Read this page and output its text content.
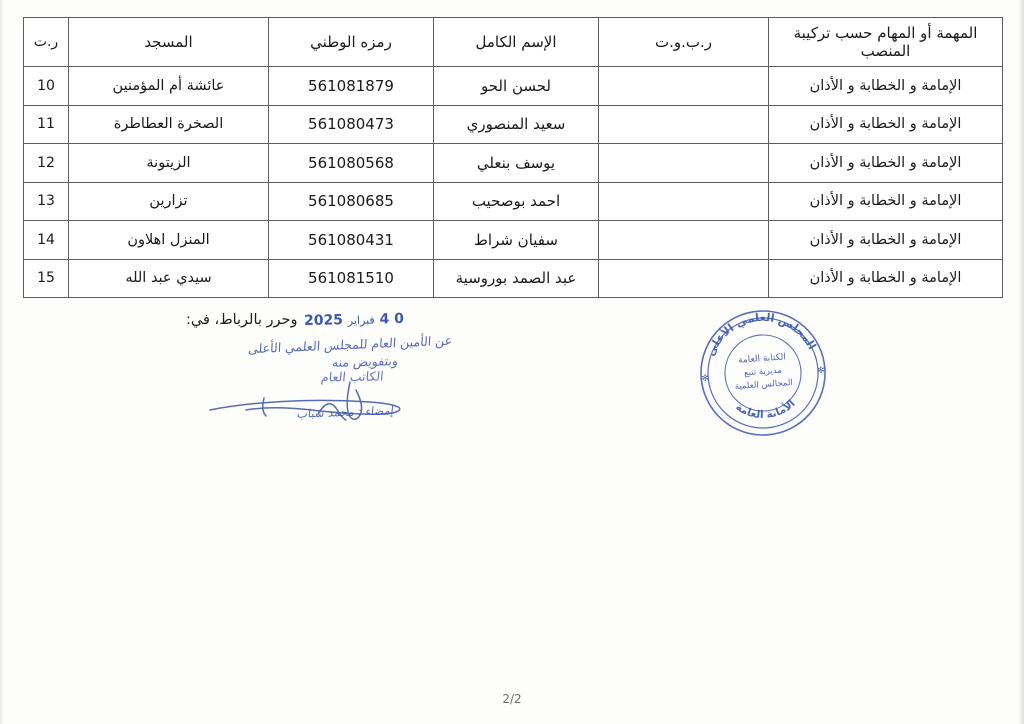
المهمة أو المهام حسب تركيبة المنصب	ر.ب.و.ت	الإسم الكامل	رمزه الوطني	المسجد	ر.ت
الإمامة و الخطابة و الأذان		لحسن الحو	561081879	عائشة أم المؤمنين	10
الإمامة و الخطابة و الأذان		سعيد المنصوري	561080473	الصخرة العطاطرة	11
الإمامة و الخطابة و الأذان		يوسف بنعلي	561080568	الزيتونة	12
الإمامة و الخطابة و الأذان		احمد بوصحيب	561080685	تزارين	13
الإمامة و الخطابة و الأذان		سفيان شراط	561080431	المنزل اهلاون	14
الإمامة و الخطابة و الأذان		عبد الصمد بوروسية	561081510	سيدي عبد الله	15
0 4 فبراير 2025
وحرر بالرباط، في:
عن الأمين العام للمجلس العلمي الأعلى
وبتفويض منه
الكاتب العام
إمضاء : محمد شباب
المجلس العلمي الأعلى
الأمانة العامة
الكتابة العامة
مديرية تتبع
المجالس العلمية
✻
✻
2/2
